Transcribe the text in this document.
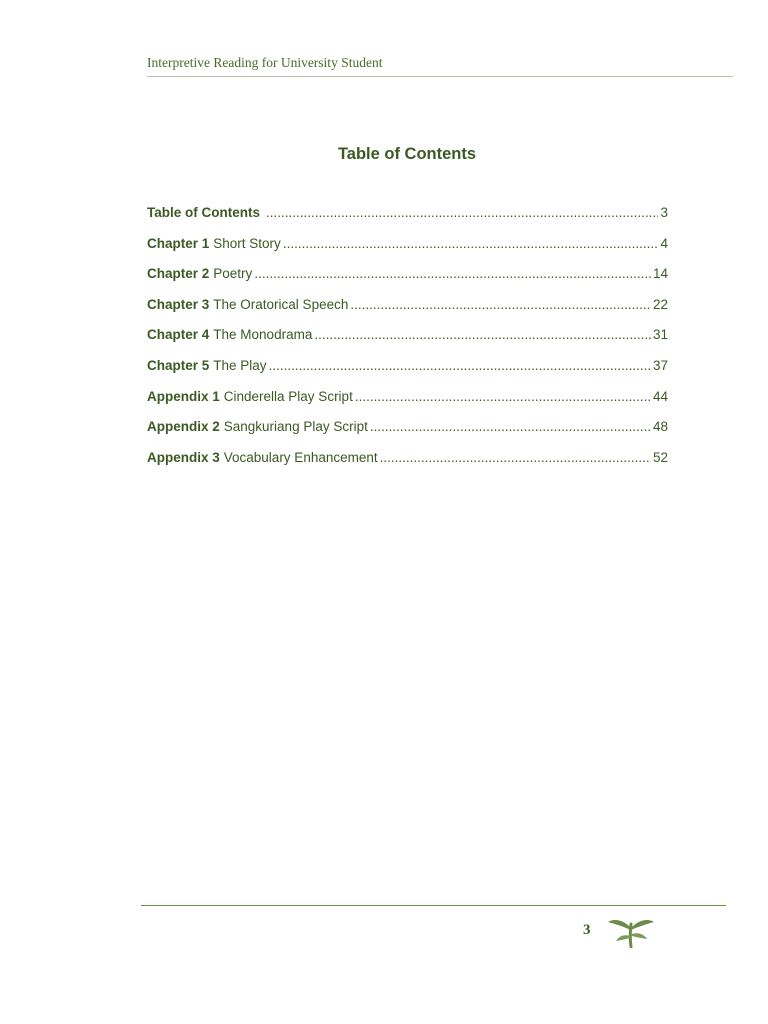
Interpretive Reading for University Student
Table of Contents
Table of Contents .....	3
Chapter 1 Short Story .....	4
Chapter 2 Poetry .....	14
Chapter 3 The Oratorical Speech .....	22
Chapter 4 The Monodrama .....	31
Chapter 5 The Play .....	37
Appendix 1 Cinderella Play Script .....	44
Appendix 2 Sangkuriang Play Script .....	48
Appendix 3 Vocabulary Enhancement .....	52
3
